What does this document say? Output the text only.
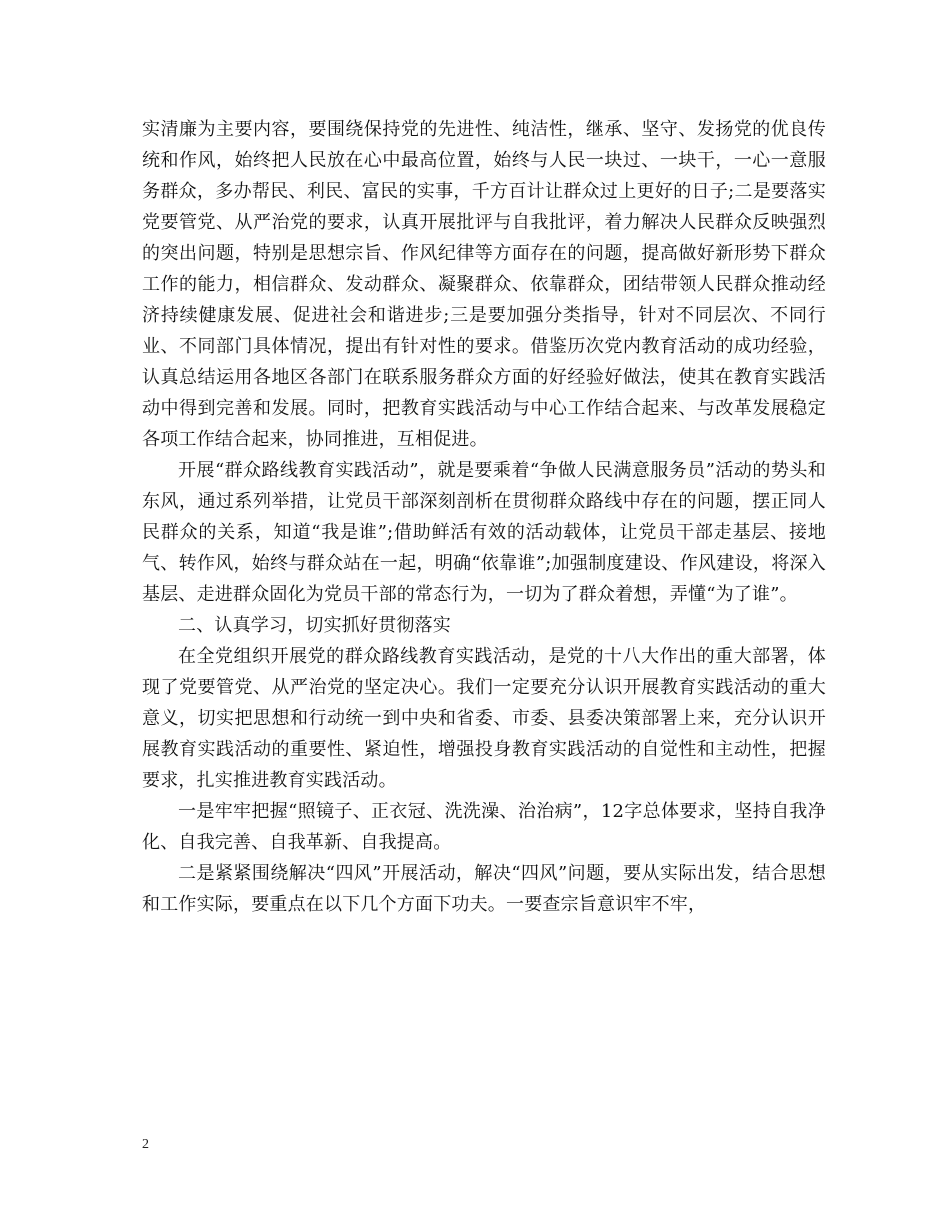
实清廉为主要内容，要围绕保持党的先进性、纯洁性，继承、坚守、发扬党的优良传统和作风，始终把人民放在心中最高位置，始终与人民一块过、一块干，一心一意服务群众，多办帮民、利民、富民的实事，千方百计让群众过上更好的日子;二是要落实党要管党、从严治党的要求，认真开展批评与自我批评，着力解决人民群众反映强烈的突出问题，特别是思想宗旨、作风纪律等方面存在的问题，提高做好新形势下群众工作的能力，相信群众、发动群众、凝聚群众、依靠群众，团结带领人民群众推动经济持续健康发展、促进社会和谐进步;三是要加强分类指导，针对不同层次、不同行业、不同部门具体情况，提出有针对性的要求。借鉴历次党内教育活动的成功经验，认真总结运用各地区各部门在联系服务群众方面的好经验好做法，使其在教育实践活动中得到完善和发展。同时，把教育实践活动与中心工作结合起来、与改革发展稳定各项工作结合起来，协同推进，互相促进。

开展“群众路线教育实践活动”，就是要乘着“争做人民满意服务员”活动的势头和东风，通过系列举措，让党员干部深刻剖析在贯彻群众路线中存在的问题，摆正同人民群众的关系，知道“我是谁”;借助鲜活有效的活动载体，让党员干部走基层、接地气、转作风，始终与群众站在一起，明确“依靠谁”;加强制度建设、作风建设，将深入基层、走进群众固化为党员干部的常态行为，一切为了群众着想，弄懂“为了谁”。

二、认真学习，切实抓好贯彻落实

在全党组织开展党的群众路线教育实践活动，是党的十八大作出的重大部署，体现了党要管党、从严治党的坚定决心。我们一定要充分认识开展教育实践活动的重大意义，切实把思想和行动统一到中央和省委、市委、县委决策部署上来，充分认识开展教育实践活动的重要性、紧迫性，增强投身教育实践活动的自觉性和主动性，把握要求，扎实推进教育实践活动。

一是牢牢把握“照镜子、正衣冠、洗洗澡、治治病”，12字总体要求，坚持自我净化、自我完善、自我革新、自我提高。

二是紧紧围绕解决“四风”开展活动，解决“四风”问题，要从实际出发，结合思想和工作实际，要重点在以下几个方面下功夫。一要查宗旨意识牢不牢，

2
